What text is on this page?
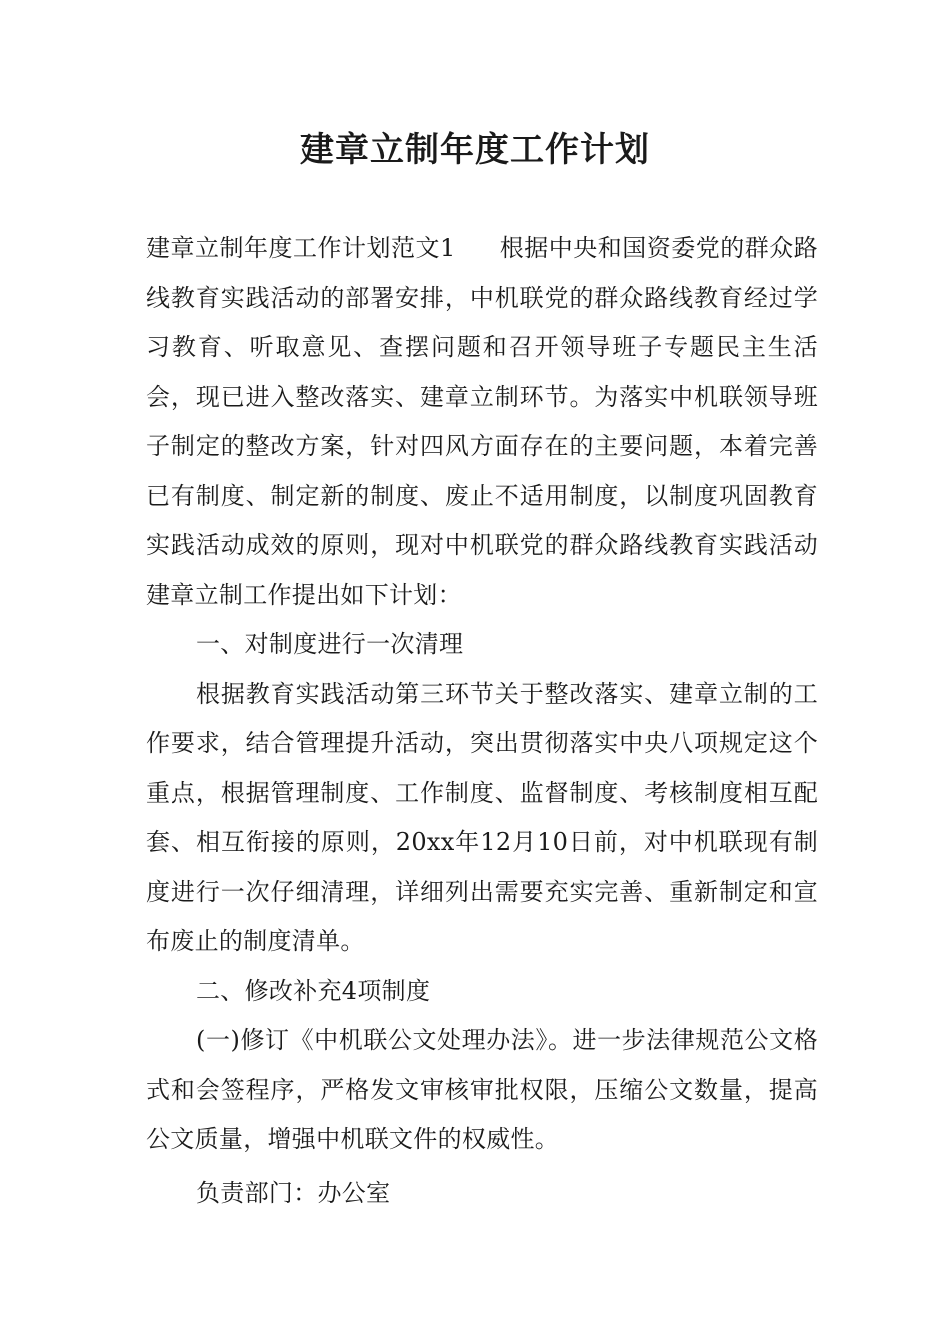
建章立制年度工作计划

建章立制年度工作计划范文1 根据中央和国资委党的群众路线教育实践活动的部署安排，中机联党的群众路线教育经过学习教育、听取意见、查摆问题和召开领导班子专题民主生活会，现已进入整改落实、建章立制环节。为落实中机联领导班子制定的整改方案，针对四风方面存在的主要问题，本着完善已有制度、制定新的制度、废止不适用制度，以制度巩固教育实践活动成效的原则，现对中机联党的群众路线教育实践活动建章立制工作提出如下计划：

一、对制度进行一次清理

根据教育实践活动第三环节关于整改落实、建章立制的工作要求，结合管理提升活动，突出贯彻落实中央八项规定这个重点，根据管理制度、工作制度、监督制度、考核制度相互配套、相互衔接的原则，20xx年12月10日前，对中机联现有制度进行一次仔细清理，详细列出需要充实完善、重新制定和宣布废止的制度清单。

二、修改补充4项制度

(一)修订《中机联公文处理办法》。进一步法律规范公文格式和会签程序，严格发文审核审批权限，压缩公文数量，提高公文质量，增强中机联文件的权威性。

负责部门：办公室
